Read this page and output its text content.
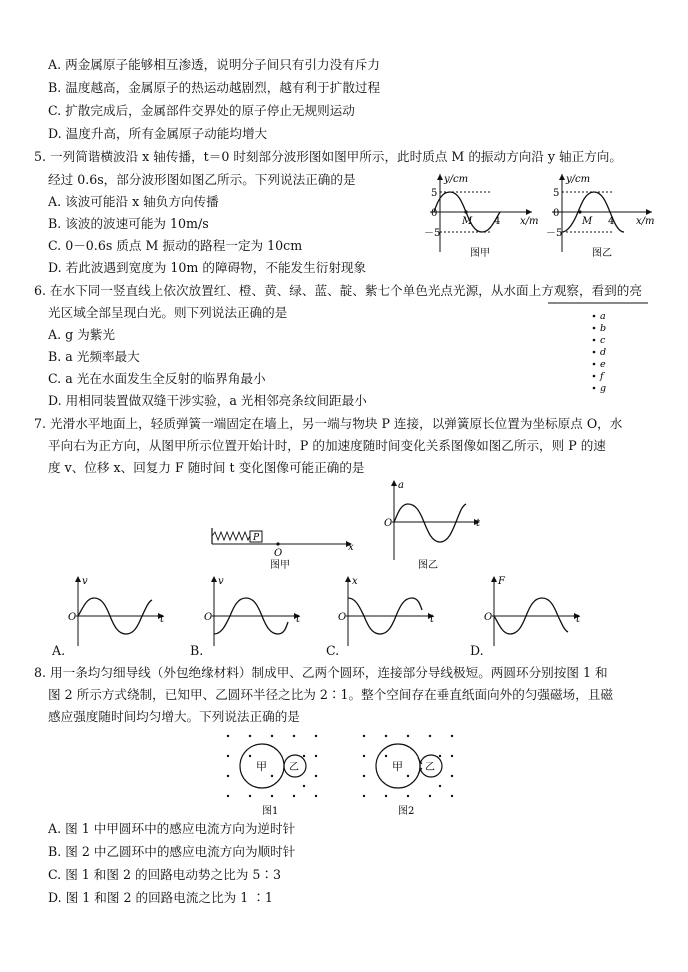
A. 两金属原子能够相互渗透，说明分子间只有引力没有斥力
B. 温度越高，金属原子的热运动越剧烈，越有利于扩散过程
C. 扩散完成后，金属部件交界处的原子停止无规则运动
D. 温度升高，所有金属原子动能均增大
5. 一列简谐横波沿 x 轴传播，t＝0 时刻部分波形图如图甲所示，此时质点 M 的振动方向沿 y 轴正方向。
经过 0.6s，部分波形图如图乙所示。下列说法正确的是
A. 该波可能沿 x 轴负方向传播
B. 该波的波速可能为 10m/s
C. 0－0.6s 质点 M 振动的路程一定为 10cm
D. 若此波遇到宽度为 10m 的障碍物，不能发生衍射现象
y/cm
x/m
5
－5
0
M 4
图甲
y/cm
x/m
5
－5
0
M 4
图乙
6. 在水下同一竖直线上依次放置红、橙、黄、绿、蓝、靛、紫七个单色光点光源，从水面上方观察，看到的亮
光区域全部呈现白光。则下列说法正确的是
A. g 为紫光
B. a 光频率最大
C. a 光在水面发生全反射的临界角最小
D. 用相同装置做双缝干涉实验，a 光相邻亮条纹间距最小
a
b
c
d
e
f
g
7. 光滑水平地面上，轻质弹簧一端固定在墙上，另一端与物块 P 连接，以弹簧原长位置为坐标原点 O，水
平向右为正方向，从图甲所示位置开始计时，P 的加速度随时间变化关系图像如图乙所示，则 P 的速
度 v、位移 x、回复力 F 随时间 t 变化图像可能正确的是
P
O
x
图甲
a
O	t
图乙
v
O	t
A.
v
O	t
B.
x
O	t
C.
F
O	t
D.
8. 用一条均匀细导线（外包绝缘材料）制成甲、乙两个圆环，连接部分导线极短。两圆环分别按图 1 和
图 2 所示方式绕制，已知甲、乙圆环半径之比为 2∶1。整个空间存在垂直纸面向外的匀强磁场，且磁
感应强度随时间均匀增大。下列说法正确的是
甲 乙
图1
甲 乙
图2
A. 图 1 中甲圆环中的感应电流方向为逆时针
B. 图 2 中乙圆环中的感应电流方向为顺时针
C. 图 1 和图 2 的回路电动势之比为 5∶3
D. 图 1 和图 2 的回路电流之比为 1 ∶1
